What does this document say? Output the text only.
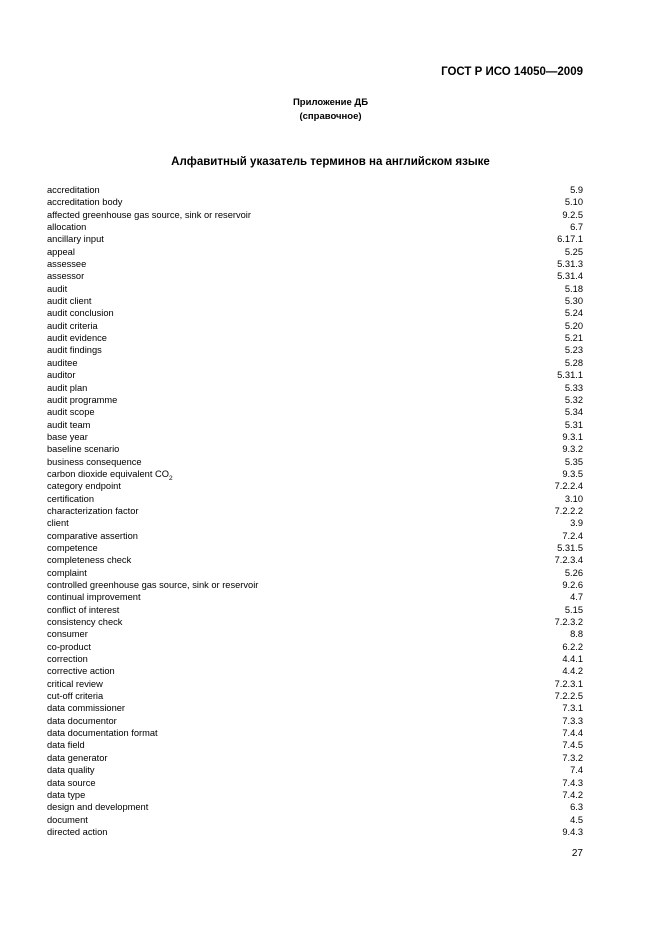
ГОСТ Р ИСО 14050—2009
Приложение ДБ
(справочное)
Алфавитный указатель терминов на английском языке
accreditation	5.9
accreditation body	5.10
affected greenhouse gas source, sink or reservoir	9.2.5
allocation	6.7
ancillary input	6.17.1
appeal	5.25
assessee	5.31.3
assessor	5.31.4
audit	5.18
audit client	5.30
audit conclusion	5.24
audit criteria	5.20
audit evidence	5.21
audit findings	5.23
auditee	5.28
auditor	5.31.1
audit plan	5.33
audit programme	5.32
audit scope	5.34
audit team	5.31
base year	9.3.1
baseline scenario	9.3.2
business consequence	5.35
carbon dioxide equivalent $CO_2$	9.3.5
category endpoint	7.2.2.4
certification	3.10
characterization factor	7.2.2.2
client	3.9
comparative assertion	7.2.4
competence	5.31.5
completeness check	7.2.3.4
complaint	5.26
controlled greenhouse gas source, sink or reservoir	9.2.6
continual improvement	4.7
conflict of interest	5.15
consistency check	7.2.3.2
consumer	8.8
co-product	6.2.2
correction	4.4.1
corrective action	4.4.2
critical review	7.2.3.1
cut-off criteria	7.2.2.5
data commissioner	7.3.1
data documentor	7.3.3
data documentation format	7.4.4
data field	7.4.5
data generator	7.3.2
data quality	7.4
data source	7.4.3
data type	7.4.2
design and development	6.3
document	4.5
directed action	9.4.3
27
